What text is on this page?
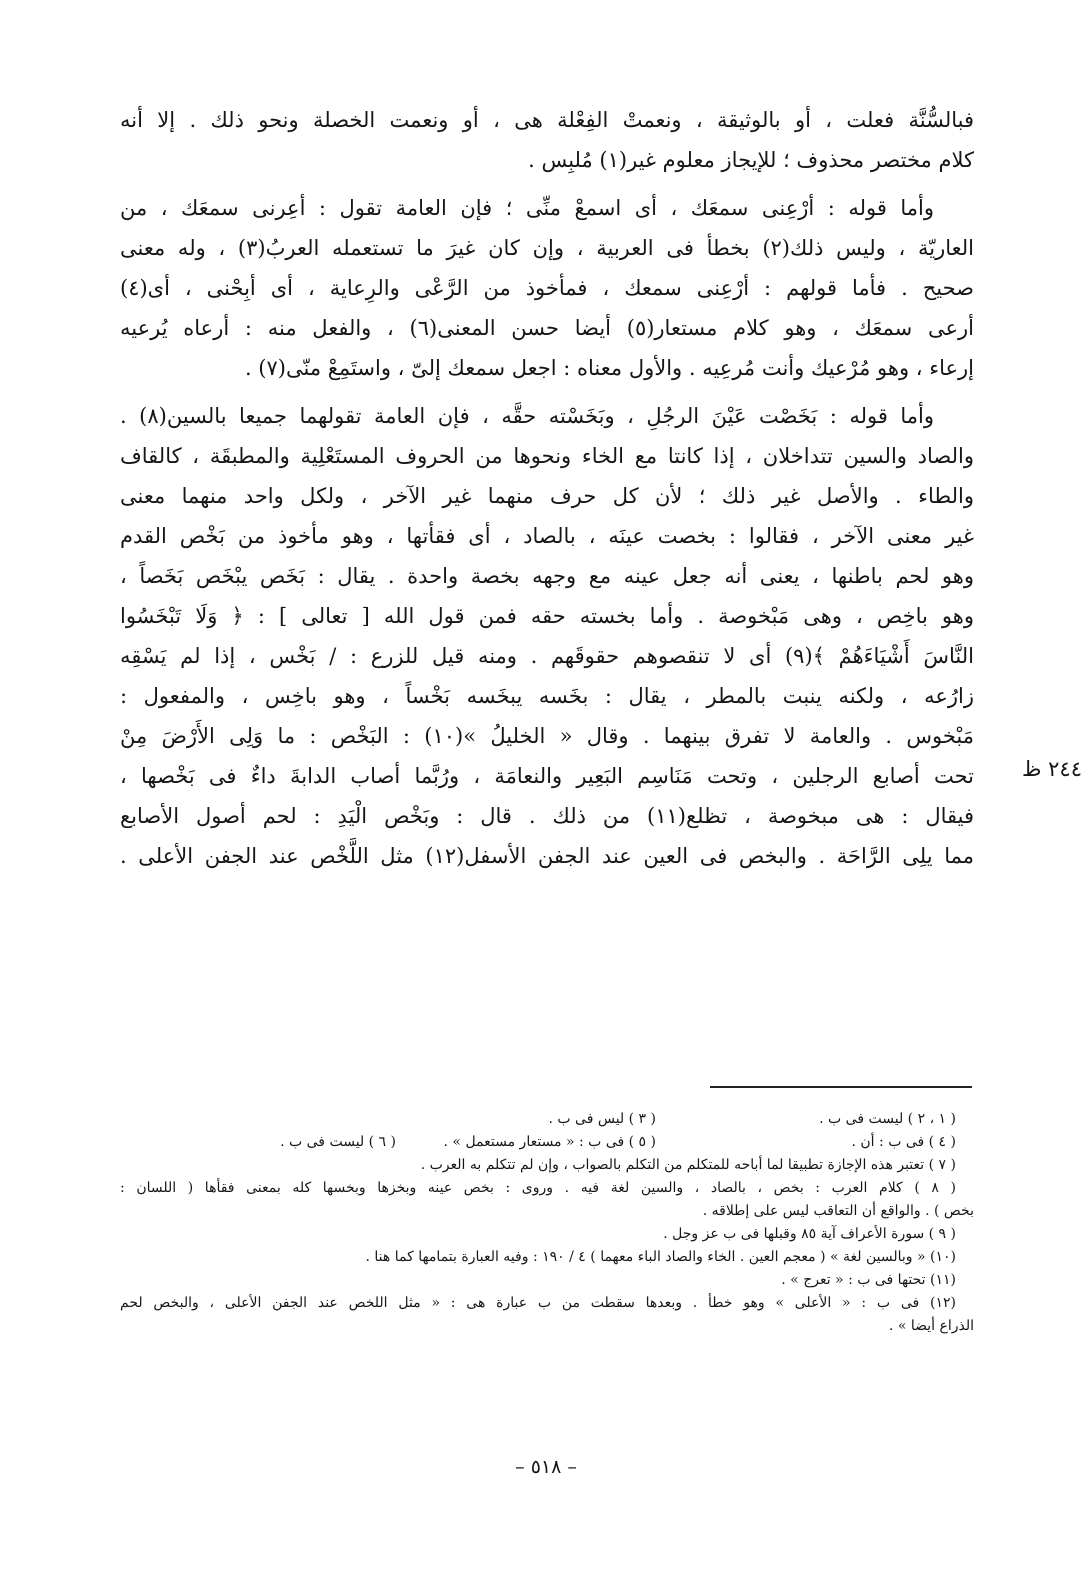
فبالسُّنَّة فعلت ، أو بالوثيقة ، ونعمتْ الفِعْلة هى ، أو ونعمت الخصلة ونحو ذلك . إلا أنه
كلام مختصر محذوف ؛ للإيجاز معلوم غير(١) مُلبِس .
وأما قوله : أرْعِنى سمعَك ، أى اسمعْ منِّى ؛ فإن العامة تقول : أعِرنى سمعَك ، من
العاريّة ، وليس ذلك(٢) بخطأ فى العربية ، وإن كان غيرَ ما تستعمله العربُ(٣) ، وله معنى
صحيح . فأما قولهم : أرْعِنى سمعك ، فمأخوذ من الرَّعْى والرِعاية ، أى أبِحْنى ، أى(٤)
أرعى سمعَك ، وهو كلام مستعار(٥) أيضا حسن المعنى(٦) ، والفعل منه : أرعاه يُرعيه
إرعاء ، وهو مُرْعيك وأنت مُرعِيه . والأول معناه : اجعل سمعك إلىّ ، واستَمِعْ منّى(٧) .
وأما قوله : بَخَصْت عَيْنَ الرجُلِ ، وبَخَسْته حقَّه ، فإن العامة تقولهما جميعا بالسين(٨) .
والصاد والسين تتداخلان ، إذا كانتا مع الخاء ونحوها من الحروف المستَعْلِية والمطبقَة ، كالقاف
والطاء . والأصل غير ذلك ؛ لأن كل حرف منهما غير الآخر ، ولكل واحد منهما معنى
غير معنى الآخر ، فقالوا : بخصت عينَه ، بالصاد ، أى فقأتها ، وهو مأخوذ من بَخْص القدم
وهو لحم باطنها ، يعنى أنه جعل عينه مع وجهه بخصة واحدة . يقال : بَخَص يبْخَص بَخَصاً ،
وهو باخِص ، وهى مَبْخوصة . وأما بخسته حقه فمن قول الله [ تعالى ] : ﴿ وَلَا تَبْخَسُوا
النَّاسَ أَشْيَاءَهُمْ ﴾(٩) أى لا تنقصوهم حقوقَهم . ومنه قيل للزرع : / بَخْس ، إذا لم يَسْقِه
زارُعه ، ولكنه ينبت بالمطر ، يقال : بخَسه يبخَسه بَخْساً ، وهو باخِس ، والمفعول :
مَبْخوس . والعامة لا تفرق بينهما . وقال « الخليلُ »(١٠) : البَخْص : ما وَلِى الأَرْضَ مِنْ
تحت أصابع الرجلين ، وتحت مَنَاسِم البَعِير والنعامَة ، ورُبَّما أصاب الدابةَ داءٌ فى بَخْصها ،
فيقال : هى مبخوصة ، تظلع(١١) من ذلك . قال : وبَخْص الْيَدِ : لحم أصول الأصابع
مما يلِى الرَّاحَة . والبخص فى العين عند الجفن الأسفل(١٢) مثل اللَّخْص عند الجفن الأعلى .
٢٤٤ ظ
( ١ ، ٢ ) ليست فى ب .
( ٣ ) ليس فى ب .
( ٤ ) فى ب : أن .
( ٥ ) فى ب : « مستعار مستعمل » .
( ٦ ) ليست فى ب .
( ٧ ) تعتبر هذه الإجازة تطبيقا لما أباحه للمتكلم من التكلم بالصواب ، وإن لم تتكلم به العرب .
( ٨ ) كلام العرب : بخص ، بالصاد ، والسين لغة فيه . وروى : بخص عينه وبخزها وبخسها كله بمعنى فقأها ( اللسان :
بخص ) . والواقع أن التعاقب ليس على إطلاقه .
( ٩ ) سورة الأعراف آية ٨٥ وقبلها فى ب عز وجل .
(١٠) « وبالسين لغة » ( معجم العين . الخاء والصاد الباء معهما ) ٤ / ١٩٠ : وفيه العبارة بتمامها كما هنا .
(١١) تحتها فى ب : « تعرج » .
(١٢) فى ب : « الأعلى » وهو خطأ . وبعدها سقطت من ب عبارة هى : « مثل اللخص عند الجفن الأعلى ، والبخص لحم
الذراع أيضا » .
– ٥١٨ –
